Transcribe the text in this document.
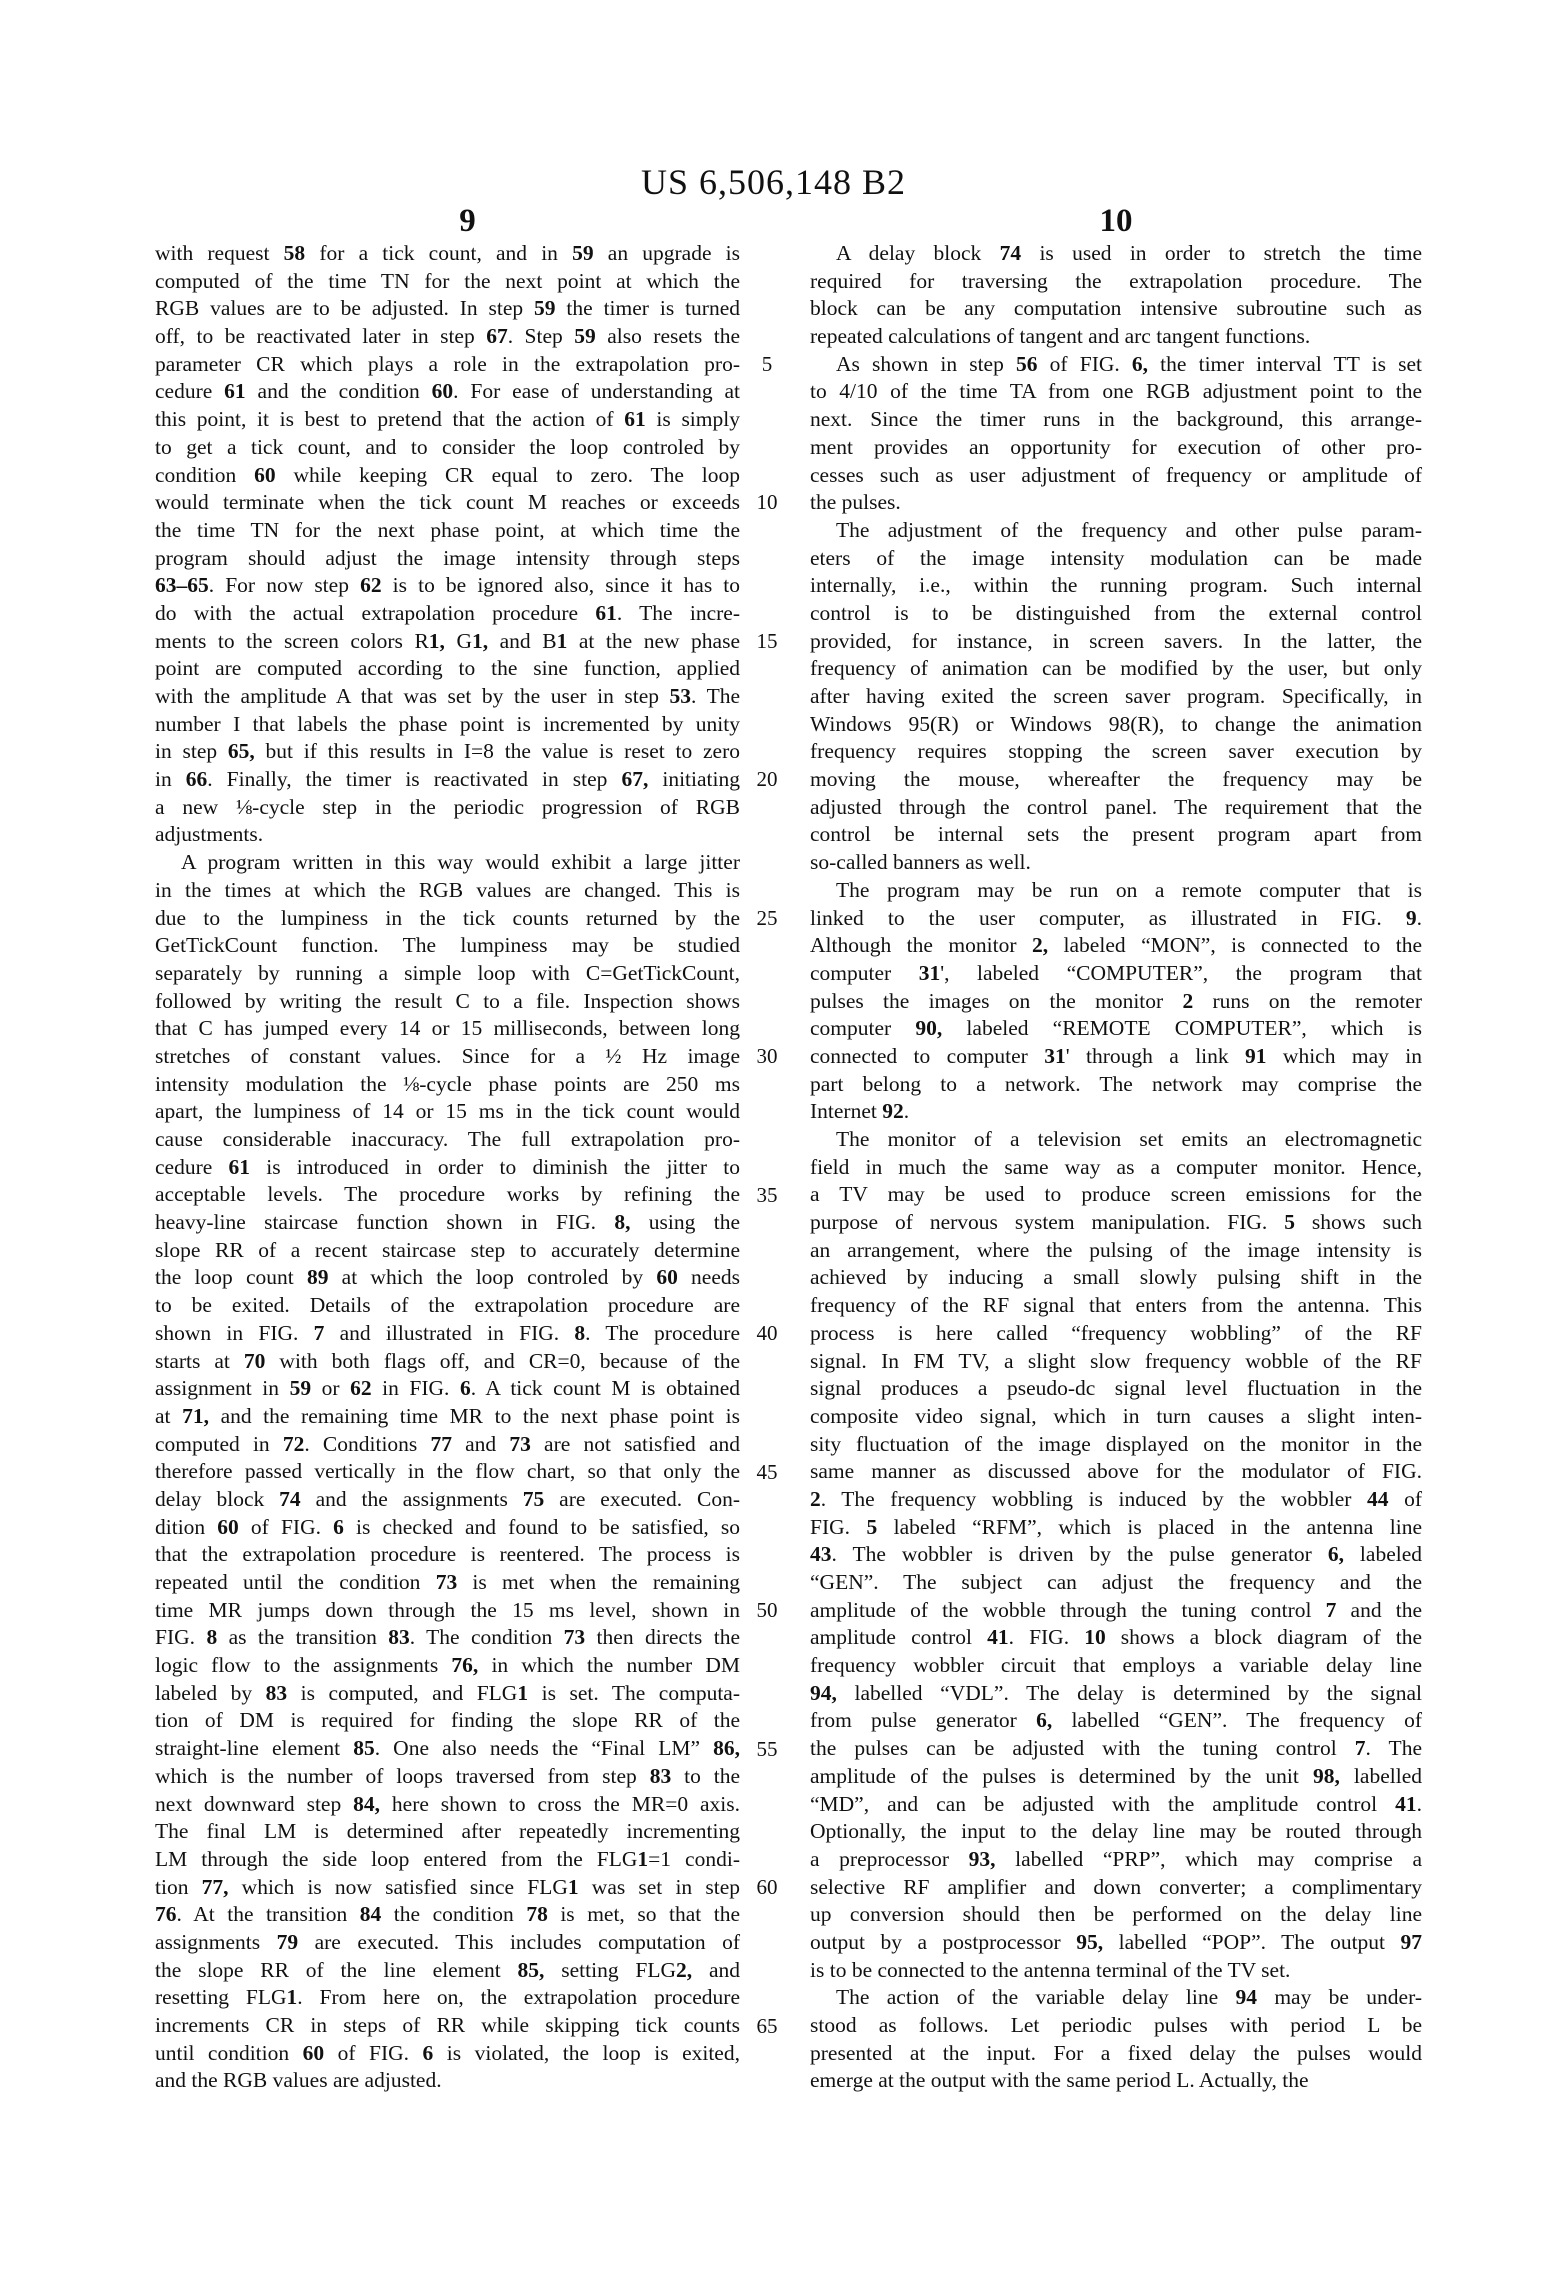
US 6,506,148 B2
9	10
with request 58 for a tick count, and in 59 an upgrade is
computed of the time TN for the next point at which the
RGB values are to be adjusted. In step 59 the timer is turned
off, to be reactivated later in step 67. Step 59 also resets the
parameter CR which plays a role in the extrapolation pro-
cedure 61 and the condition 60. For ease of understanding at
this point, it is best to pretend that the action of 61 is simply
to get a tick count, and to consider the loop controled by
condition 60 while keeping CR equal to zero. The loop
would terminate when the tick count M reaches or exceeds
the time TN for the next phase point, at which time the
program should adjust the image intensity through steps
63–65. For now step 62 is to be ignored also, since it has to
do with the actual extrapolation procedure 61. The incre-
ments to the screen colors R1, G1, and B1 at the new phase
point are computed according to the sine function, applied
with the amplitude A that was set by the user in step 53. The
number I that labels the phase point is incremented by unity
in step 65, but if this results in I=8 the value is reset to zero
in 66. Finally, the timer is reactivated in step 67, initiating
a new ⅛-cycle step in the periodic progression of RGB
adjustments.
A program written in this way would exhibit a large jitter
in the times at which the RGB values are changed. This is
due to the lumpiness in the tick counts returned by the
GetTickCount function. The lumpiness may be studied
separately by running a simple loop with C=GetTickCount,
followed by writing the result C to a file. Inspection shows
that C has jumped every 14 or 15 milliseconds, between long
stretches of constant values. Since for a ½ Hz image
intensity modulation the ⅛-cycle phase points are 250 ms
apart, the lumpiness of 14 or 15 ms in the tick count would
cause considerable inaccuracy. The full extrapolation pro-
cedure 61 is introduced in order to diminish the jitter to
acceptable levels. The procedure works by refining the
heavy-line staircase function shown in FIG. 8, using the
slope RR of a recent staircase step to accurately determine
the loop count 89 at which the loop controled by 60 needs
to be exited. Details of the extrapolation procedure are
shown in FIG. 7 and illustrated in FIG. 8. The procedure
starts at 70 with both flags off, and CR=0, because of the
assignment in 59 or 62 in FIG. 6. A tick count M is obtained
at 71, and the remaining time MR to the next phase point is
computed in 72. Conditions 77 and 73 are not satisfied and
therefore passed vertically in the flow chart, so that only the
delay block 74 and the assignments 75 are executed. Con-
dition 60 of FIG. 6 is checked and found to be satisfied, so
that the extrapolation procedure is reentered. The process is
repeated until the condition 73 is met when the remaining
time MR jumps down through the 15 ms level, shown in
FIG. 8 as the transition 83. The condition 73 then directs the
logic flow to the assignments 76, in which the number DM
labeled by 83 is computed, and FLG1 is set. The computa-
tion of DM is required for finding the slope RR of the
straight-line element 85. One also needs the “Final LM” 86,
which is the number of loops traversed from step 83 to the
next downward step 84, here shown to cross the MR=0 axis.
The final LM is determined after repeatedly incrementing
LM through the side loop entered from the FLG1=1 condi-
tion 77, which is now satisfied since FLG1 was set in step
76. At the transition 84 the condition 78 is met, so that the
assignments 79 are executed. This includes computation of
the slope RR of the line element 85, setting FLG2, and
resetting FLG1. From here on, the extrapolation procedure
increments CR in steps of RR while skipping tick counts
until condition 60 of FIG. 6 is violated, the loop is exited,
and the RGB values are adjusted.
5
10
15
20
25
30
35
40
45
50
55
60
65
A delay block 74 is used in order to stretch the time
required for traversing the extrapolation procedure. The
block can be any computation intensive subroutine such as
repeated calculations of tangent and arc tangent functions.
As shown in step 56 of FIG. 6, the timer interval TT is set
to 4/10 of the time TA from one RGB adjustment point to the
next. Since the timer runs in the background, this arrange-
ment provides an opportunity for execution of other pro-
cesses such as user adjustment of frequency or amplitude of
the pulses.
The adjustment of the frequency and other pulse param-
eters of the image intensity modulation can be made
internally, i.e., within the running program. Such internal
control is to be distinguished from the external control
provided, for instance, in screen savers. In the latter, the
frequency of animation can be modified by the user, but only
after having exited the screen saver program. Specifically, in
Windows 95(R) or Windows 98(R), to change the animation
frequency requires stopping the screen saver execution by
moving the mouse, whereafter the frequency may be
adjusted through the control panel. The requirement that the
control be internal sets the present program apart from
so-called banners as well.
The program may be run on a remote computer that is
linked to the user computer, as illustrated in FIG. 9.
Although the monitor 2, labeled “MON”, is connected to the
computer 31', labeled “COMPUTER”, the program that
pulses the images on the monitor 2 runs on the remoter
computer 90, labeled “REMOTE COMPUTER”, which is
connected to computer 31' through a link 91 which may in
part belong to a network. The network may comprise the
Internet 92.
The monitor of a television set emits an electromagnetic
field in much the same way as a computer monitor. Hence,
a TV may be used to produce screen emissions for the
purpose of nervous system manipulation. FIG. 5 shows such
an arrangement, where the pulsing of the image intensity is
achieved by inducing a small slowly pulsing shift in the
frequency of the RF signal that enters from the antenna. This
process is here called “frequency wobbling” of the RF
signal. In FM TV, a slight slow frequency wobble of the RF
signal produces a pseudo-dc signal level fluctuation in the
composite video signal, which in turn causes a slight inten-
sity fluctuation of the image displayed on the monitor in the
same manner as discussed above for the modulator of FIG.
2. The frequency wobbling is induced by the wobbler 44 of
FIG. 5 labeled “RFM”, which is placed in the antenna line
43. The wobbler is driven by the pulse generator 6, labeled
“GEN”. The subject can adjust the frequency and the
amplitude of the wobble through the tuning control 7 and the
amplitude control 41. FIG. 10 shows a block diagram of the
frequency wobbler circuit that employs a variable delay line
94, labelled “VDL”. The delay is determined by the signal
from pulse generator 6, labelled “GEN”. The frequency of
the pulses can be adjusted with the tuning control 7. The
amplitude of the pulses is determined by the unit 98, labelled
“MD”, and can be adjusted with the amplitude control 41.
Optionally, the input to the delay line may be routed through
a preprocessor 93, labelled “PRP”, which may comprise a
selective RF amplifier and down converter; a complimentary
up conversion should then be performed on the delay line
output by a postprocessor 95, labelled “POP”. The output 97
is to be connected to the antenna terminal of the TV set.
The action of the variable delay line 94 may be under-
stood as follows. Let periodic pulses with period L be
presented at the input. For a fixed delay the pulses would
emerge at the output with the same period L. Actually, the
